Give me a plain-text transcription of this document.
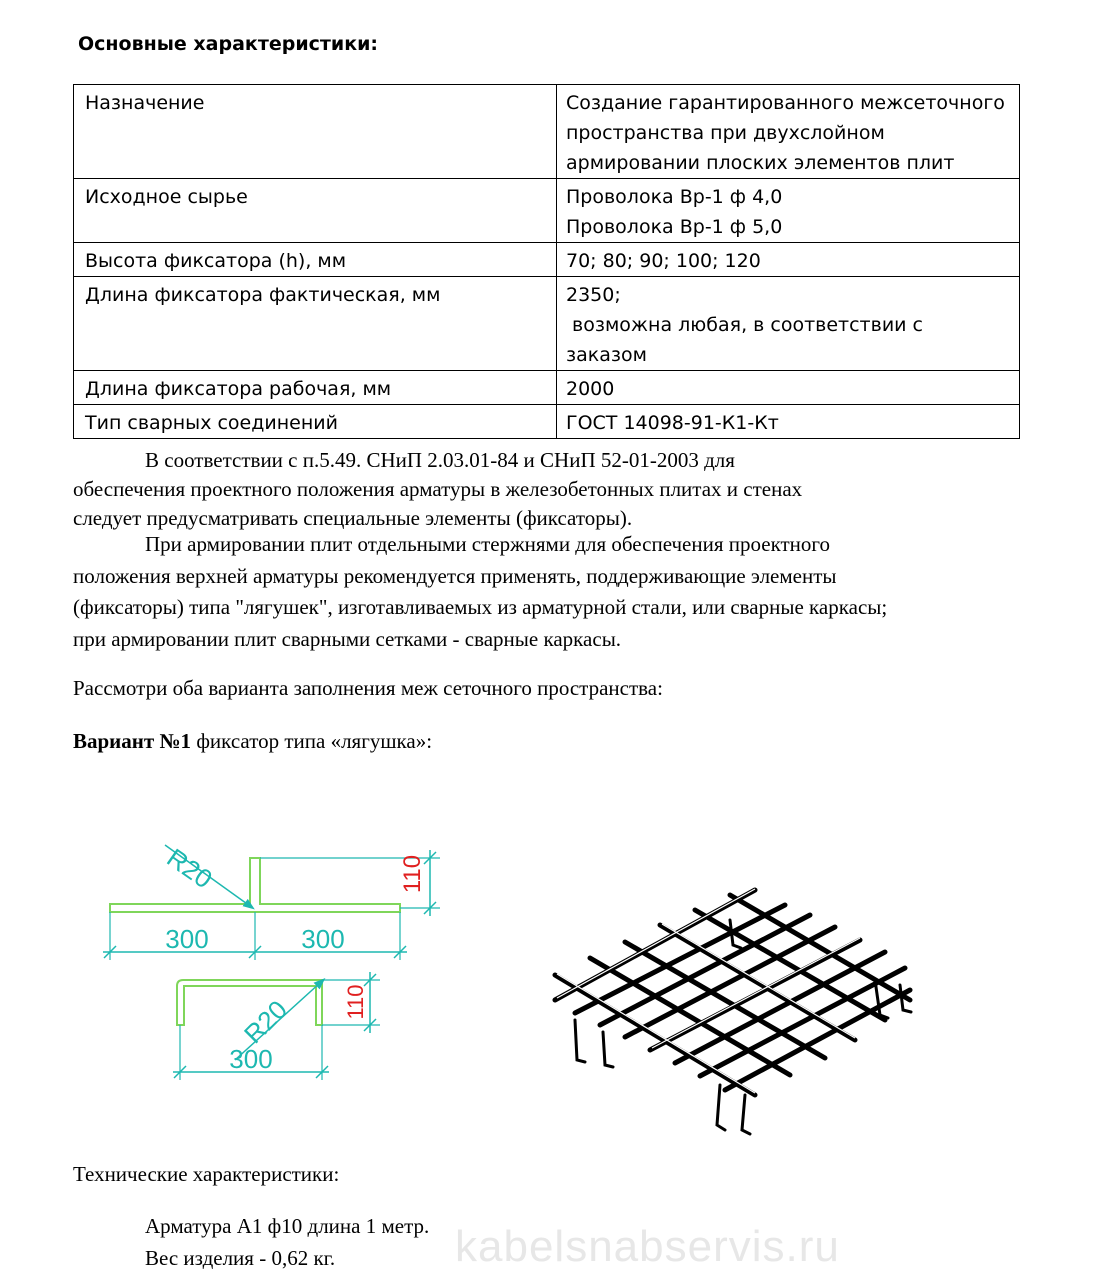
Основные характеристики:
Назначение	Создание гарантированного межсеточного
пространства при двухслойном
армировании плоских элементов плит

Исходное сырье	Проволока Вр-1 ф 4,0
Проволока Вр-1 ф 5,0

Высота фиксатора (h), мм	70; 80; 90; 100; 120

Длина фиксатора фактическая, мм	2350;
возможна любая, в соответствии с
заказом

Длина фиксатора рабочая, мм	2000

Тип сварных соединений	ГОСТ 14098-91-К1-Кт

В соответствии с п.5.49. СНиП 2.03.01-84 и СНиП 52-01-2003 для

обеспечения проектного положения арматуры в железобетонных плитах и стенах

следует предусматривать специальные элементы (фиксаторы).

При армировании плит отдельными стержнями для обеспечения проектного

положения верхней арматуры рекомендуется применять, поддерживающие элементы

(фиксаторы) типа "лягушек", изготавливаемых из арматурной стали, или сварные каркасы;

при армировании плит сварными сетками - сварные каркасы.

Рассмотри оба варианта заполнения меж сеточного пространства:
Вариант №1 фиксатор типа «лягушка»:
R20	110
300	300
R20 110
300
Технические характеристики:
Арматура А1 ф10 длина 1 метр.
Вес изделия - 0,62 кг.	kabelsnabservis.ru
